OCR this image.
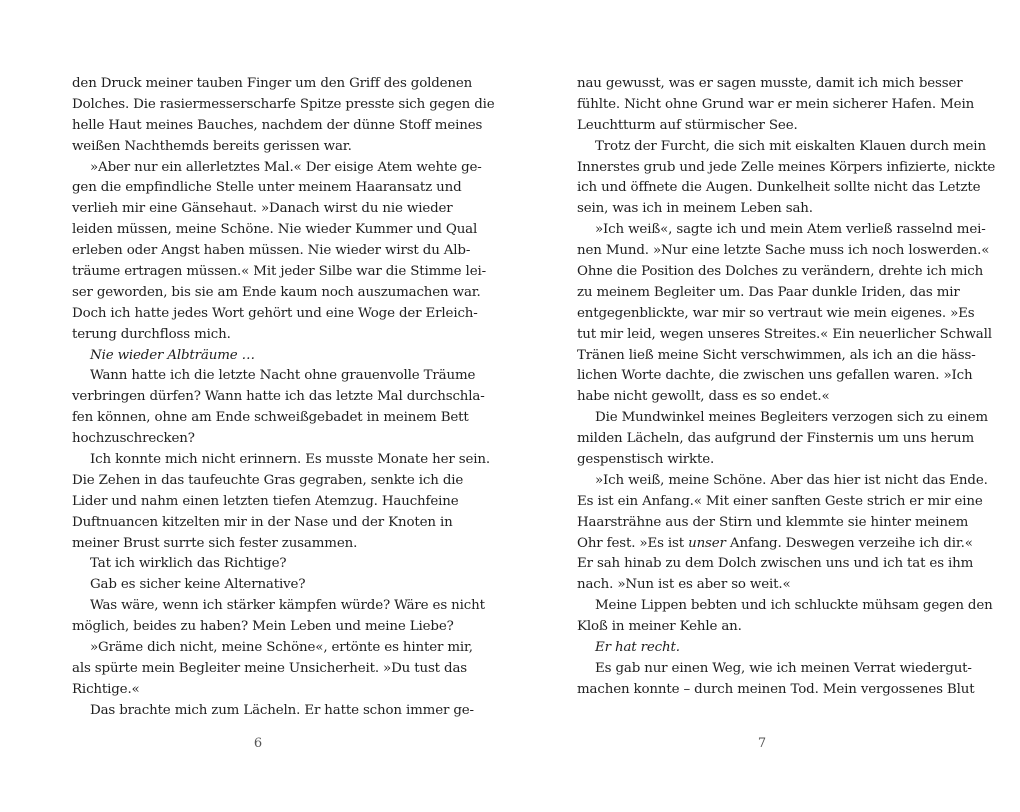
den Druck meiner tauben Finger um den Griff des goldenen
Dolches. Die rasiermesserscharfe Spitze presste sich gegen die
helle Haut meines Bauches, nachdem der dünne Stoff meines
weißen Nachthemds bereits gerissen war.
»Aber nur ein allerletztes Mal.« Der eisige Atem wehte ge-
gen die empfindliche Stelle unter meinem Haaransatz und
verlieh mir eine Gänsehaut. »Danach wirst du nie wieder
leiden müssen, meine Schöne. Nie wieder Kummer und Qual
erleben oder Angst haben müssen. Nie wieder wirst du Alb-
träume ertragen müssen.« Mit jeder Silbe war die Stimme lei-
ser geworden, bis sie am Ende kaum noch auszumachen war.
Doch ich hatte jedes Wort gehört und eine Woge der Erleich-
terung durchfloss mich.
Nie wieder Albträume …
Wann hatte ich die letzte Nacht ohne grauenvolle Träume
verbringen dürfen? Wann hatte ich das letzte Mal durchschla-
fen können, ohne am Ende schweißgebadet in meinem Bett
hochzuschrecken?
Ich konnte mich nicht erinnern. Es musste Monate her sein.
Die Zehen in das taufeuchte Gras gegraben, senkte ich die
Lider und nahm einen letzten tiefen Atemzug. Hauchfeine
Duftnuancen kitzelten mir in der Nase und der Knoten in
meiner Brust surrte sich fester zusammen.
Tat ich wirklich das Richtige?
Gab es sicher keine Alternative?
Was wäre, wenn ich stärker kämpfen würde? Wäre es nicht
möglich, beides zu haben? Mein Leben und meine Liebe?
»Gräme dich nicht, meine Schöne«, ertönte es hinter mir,
als spürte mein Begleiter meine Unsicherheit. »Du tust das
Richtige.«
Das brachte mich zum Lächeln. Er hatte schon immer ge-
6
nau gewusst, was er sagen musste, damit ich mich besser
fühlte. Nicht ohne Grund war er mein sicherer Hafen. Mein
Leuchtturm auf stürmischer See.
Trotz der Furcht, die sich mit eiskalten Klauen durch mein
Innerstes grub und jede Zelle meines Körpers infizierte, nickte
ich und öffnete die Augen. Dunkelheit sollte nicht das Letzte
sein, was ich in meinem Leben sah.
»Ich weiß«, sagte ich und mein Atem verließ rasselnd mei-
nen Mund. »Nur eine letzte Sache muss ich noch loswerden.«
Ohne die Position des Dolches zu verändern, drehte ich mich
zu meinem Begleiter um. Das Paar dunkle Iriden, das mir
entgegenblickte, war mir so vertraut wie mein eigenes. »Es
tut mir leid, wegen unseres Streites.« Ein neuerlicher Schwall
Tränen ließ meine Sicht verschwimmen, als ich an die häss-
lichen Worte dachte, die zwischen uns gefallen waren. »Ich
habe nicht gewollt, dass es so endet.«
Die Mundwinkel meines Begleiters verzogen sich zu einem
milden Lächeln, das aufgrund der Finsternis um uns herum
gespenstisch wirkte.
»Ich weiß, meine Schöne. Aber das hier ist nicht das Ende.
Es ist ein Anfang.« Mit einer sanften Geste strich er mir eine
Haarsträhne aus der Stirn und klemmte sie hinter meinem
Ohr fest. »Es ist unser Anfang. Deswegen verzeihe ich dir.«
Er sah hinab zu dem Dolch zwischen uns und ich tat es ihm
nach. »Nun ist es aber so weit.«
Meine Lippen bebten und ich schluckte mühsam gegen den
Kloß in meiner Kehle an.
Er hat recht.
Es gab nur einen Weg, wie ich meinen Verrat wiedergut-
machen konnte – durch meinen Tod. Mein vergossenes Blut
7
